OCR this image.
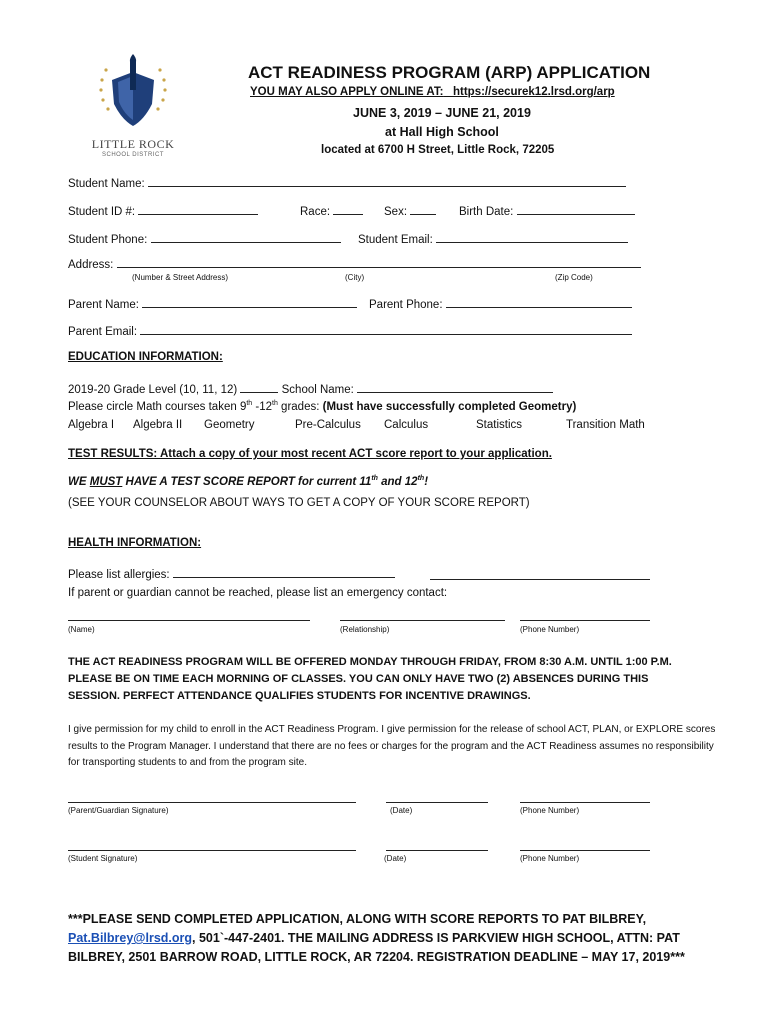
LITTLE ROCK
SCHOOL DISTRICT
ACT READINESS PROGRAM (ARP) APPLICATION
YOU MAY ALSO APPLY ONLINE AT: https://securek12.lrsd.org/arp
JUNE 3, 2019 – JUNE 21, 2019
at Hall High School
located at 6700 H Street, Little Rock, 72205
Student Name:
Student ID #:	Race:	Sex:	Birth Date:
Student Phone:	Student Email:
Address:
(Number & Street Address)	(City)	(Zip Code)
Parent Name:	Parent Phone:
Parent Email:
EDUCATION INFORMATION:
2019-20 Grade Level (10, 11, 12)	School Name:
Please circle Math courses taken 9th -12th grades: (Must have successfully completed Geometry)
Algebra I Algebra II Geometry	Pre-Calculus Calculus	Statistics	Transition Math
TEST RESULTS: Attach a copy of your most recent ACT score report to your application.
WE MUST HAVE A TEST SCORE REPORT for current 11th and 12th!
(SEE YOUR COUNSELOR ABOUT WAYS TO GET A COPY OF YOUR SCORE REPORT)
HEALTH INFORMATION:
Please list allergies:
If parent or guardian cannot be reached, please list an emergency contact:
(Name)	(Relationship)	(Phone Number)
THE ACT READINESS PROGRAM WILL BE OFFERED MONDAY THROUGH FRIDAY, FROM 8:30 A.M. UNTIL 1:00 P.M. PLEASE BE ON TIME EACH MORNING OF CLASSES. YOU CAN ONLY HAVE TWO (2) ABSENCES DURING THIS SESSION. PERFECT ATTENDANCE QUALIFIES STUDENTS FOR INCENTIVE DRAWINGS.
I give permission for my child to enroll in the ACT Readiness Program. I give permission for the release of school ACT, PLAN, or EXPLORE scores results to the Program Manager. I understand that there are no fees or charges for the program and the ACT Readiness assumes no responsibility for transporting students to and from the program site.
(Parent/Guardian Signature)	(Date)	(Phone Number)
(Student Signature)	(Date)	(Phone Number)
***PLEASE SEND COMPLETED APPLICATION, ALONG WITH SCORE REPORTS TO PAT BILBREY, Pat.Bilbrey@lrsd.org, 501`-447-2401. THE MAILING ADDRESS IS PARKVIEW HIGH SCHOOL, ATTN: PAT BILBREY, 2501 BARROW ROAD, LITTLE ROCK, AR 72204. REGISTRATION DEADLINE – MAY 17, 2019***
